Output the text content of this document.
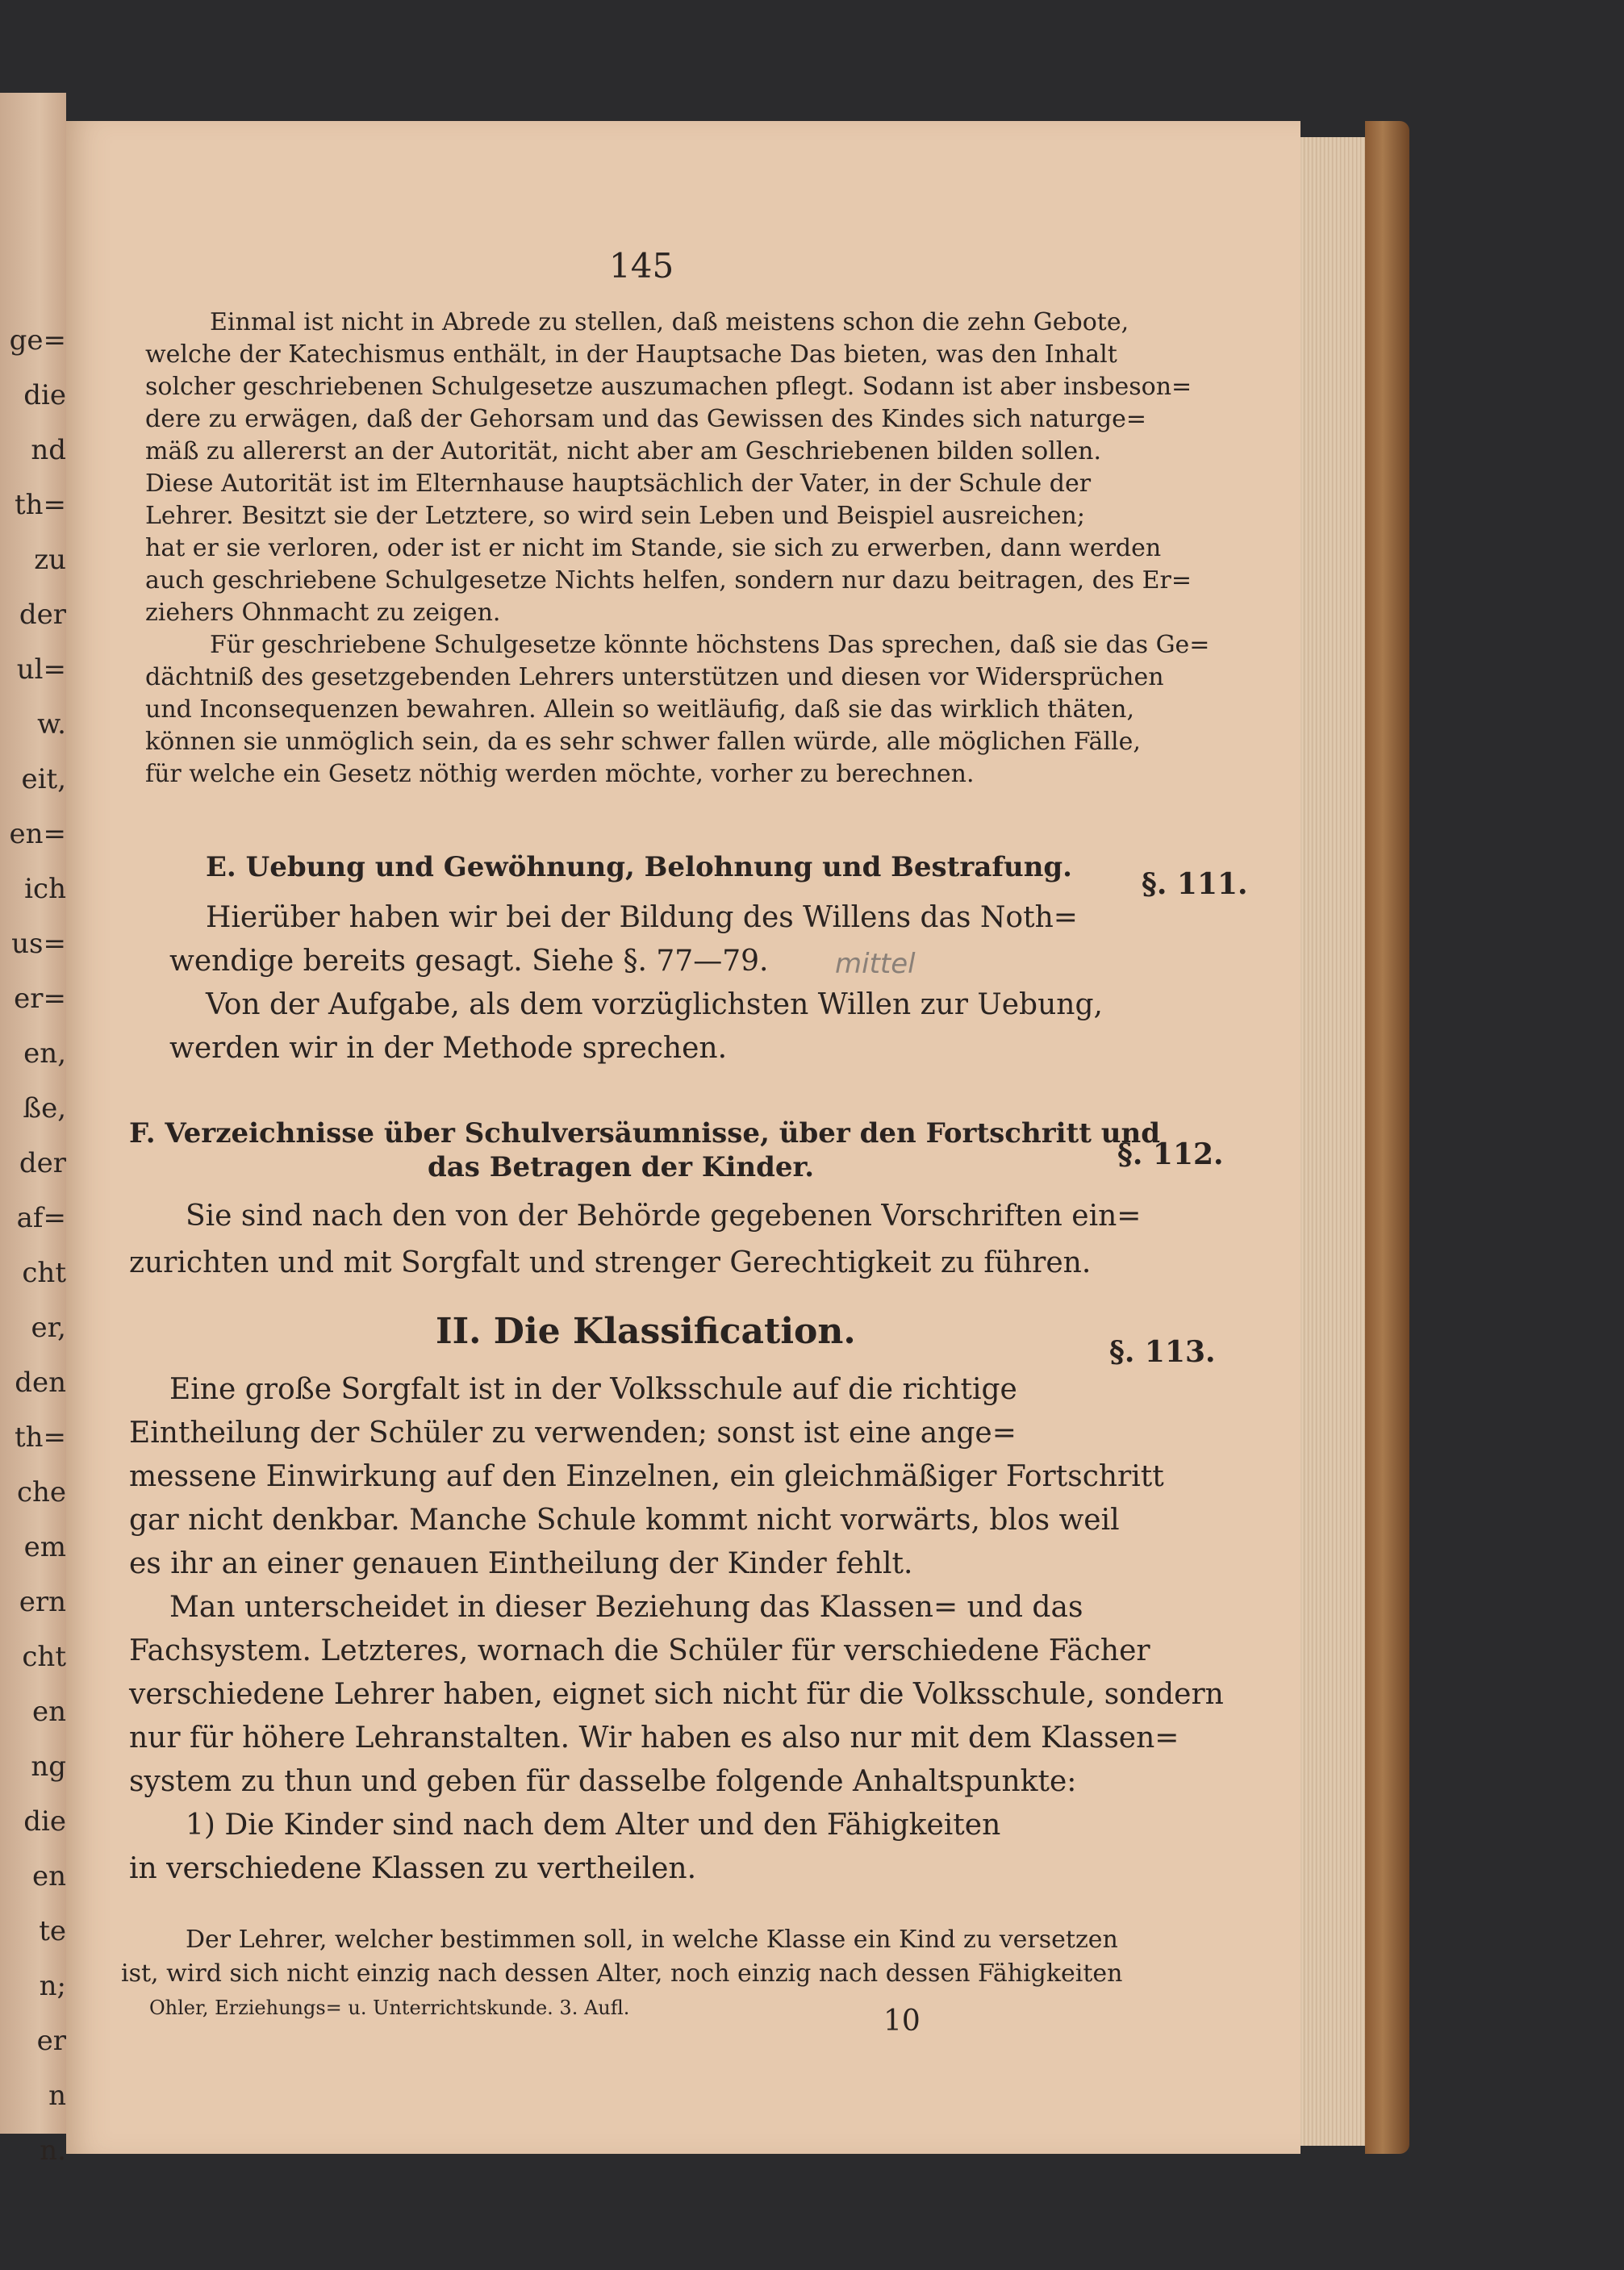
ge=
die
nd
th=
zu
der
ul=
w.
eit,
en=
ich
us=
er=
en,
ße,
der
af=
cht
er,
den
th=
che
em
ern
cht
en
ng
die
en
te
n;
er
n
n.
145
Einmal ist nicht in Abrede zu stellen, daß meistens schon die zehn Gebote,
welche der Katechismus enthält, in der Hauptsache Das bieten, was den Inhalt
solcher geschriebenen Schulgesetze auszumachen pflegt. Sodann ist aber insbeson=
dere zu erwägen, daß der Gehorsam und das Gewissen des Kindes sich naturge=
mäß zu allererst an der Autorität, nicht aber am Geschriebenen bilden sollen.
Diese Autorität ist im Elternhause hauptsächlich der Vater, in der Schule der
Lehrer. Besitzt sie der Letztere, so wird sein Leben und Beispiel ausreichen;
hat er sie verloren, oder ist er nicht im Stande, sie sich zu erwerben, dann werden
auch geschriebene Schulgesetze Nichts helfen, sondern nur dazu beitragen, des Er=
ziehers Ohnmacht zu zeigen.
Für geschriebene Schulgesetze könnte höchstens Das sprechen, daß sie das Ge=
dächtniß des gesetzgebenden Lehrers unterstützen und diesen vor Widersprüchen
und Inconsequenzen bewahren. Allein so weitläufig, daß sie das wirklich thäten,
können sie unmöglich sein, da es sehr schwer fallen würde, alle möglichen Fälle,
für welche ein Gesetz nöthig werden möchte, vorher zu berechnen.
E. Uebung und Gewöhnung, Belohnung und Bestrafung. §. 111.
Hierüber haben wir bei der Bildung des Willens das Noth=
wendige bereits gesagt. Siehe §. 77—79.
Von der Aufgabe, als dem vorzüglichsten Willen zur Uebung,
werden wir in der Methode sprechen.
mittel
F. Verzeichnisse über Schulversäumnisse, über den Fortschritt und
das Betragen der Kinder.	§. 112.
Sie sind nach den von der Behörde gegebenen Vorschriften ein=
zurichten und mit Sorgfalt und strenger Gerechtigkeit zu führen.
II. Die Klassification.	§. 113.
Eine große Sorgfalt ist in der Volksschule auf die richtige
Eintheilung der Schüler zu verwenden; sonst ist eine ange=
messene Einwirkung auf den Einzelnen, ein gleichmäßiger Fortschritt
gar nicht denkbar. Manche Schule kommt nicht vorwärts, blos weil
es ihr an einer genauen Eintheilung der Kinder fehlt.
Man unterscheidet in dieser Beziehung das Klassen= und das
Fachsystem. Letzteres, wornach die Schüler für verschiedene Fächer
verschiedene Lehrer haben, eignet sich nicht für die Volksschule, sondern
nur für höhere Lehranstalten. Wir haben es also nur mit dem Klassen=
system zu thun und geben für dasselbe folgende Anhaltspunkte:
1) Die Kinder sind nach dem Alter und den Fähigkeiten
in verschiedene Klassen zu vertheilen.
Der Lehrer, welcher bestimmen soll, in welche Klasse ein Kind zu versetzen
ist, wird sich nicht einzig nach dessen Alter, noch einzig nach dessen Fähigkeiten
Ohler, Erziehungs= u. Unterrichtskunde. 3. Aufl.	10
